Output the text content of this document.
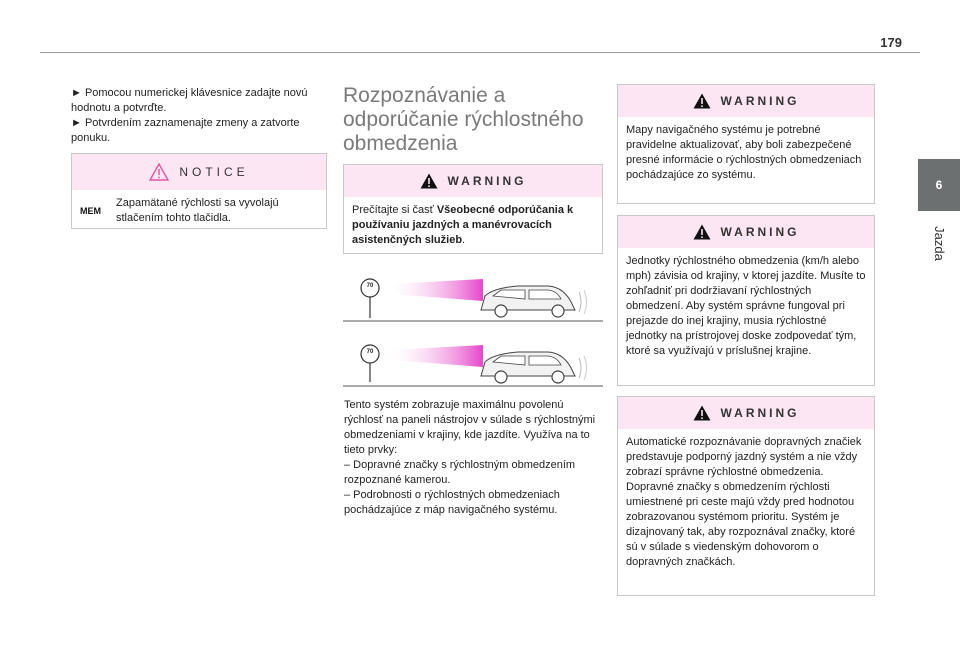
179
6
Jazda

► Pomocou numerickej klávesnice zadajte novú hodnotu a potvrďte.

► Potvrdením zaznamenajte zmeny a zatvorte ponuku.

NOTICE
MEM

Zapamätané rýchlosti sa vyvolajú stlačením tohto tlačidla.

Rozpoznávanie a odporúčanie rýchlostného obmedzenia
WARNING

Prečítajte si časť Všeobecné odporúčania k používaniu jazdných a manévrovacích asistenčných služieb.

70
70

Tento systém zobrazuje maximálnu povolenú rýchlosť na paneli nástrojov v súlade s rýchlostnými obmedzeniami v krajiny, kde jazdíte. Využíva na to tieto prvky:

– Dopravné značky s rýchlostným obmedzením rozpoznané kamerou.

– Podrobnosti o rýchlostných obmedzeniach pochádzajúce z máp navigačného systému.

WARNING

Mapy navigačného systému je potrebné pravidelne aktualizovať, aby boli zabezpečené presné informácie o rýchlostných obmedzeniach pochádzajúce zo systému.

WARNING

Jednotky rýchlostného obmedzenia (km/h alebo mph) závisia od krajiny, v ktorej jazdíte. Musíte to zohľadniť pri dodržiavaní rýchlostných obmedzení. Aby systém správne fungoval pri prejazde do inej krajiny, musia rýchlostné jednotky na prístrojovej doske zodpovedať tým, ktoré sa využívajú v príslušnej krajine.

WARNING

Automatické rozpoznávanie dopravných značiek predstavuje podporný jazdný systém a nie vždy zobrazí správne rýchlostné obmedzenia. Dopravné značky s obmedzením rýchlosti umiestnené pri ceste majú vždy pred hodnotou zobrazovanou systémom prioritu. Systém je dizajnovaný tak, aby rozpoznával značky, ktoré sú v súlade s viedenským dohovorom o dopravných značkách.
